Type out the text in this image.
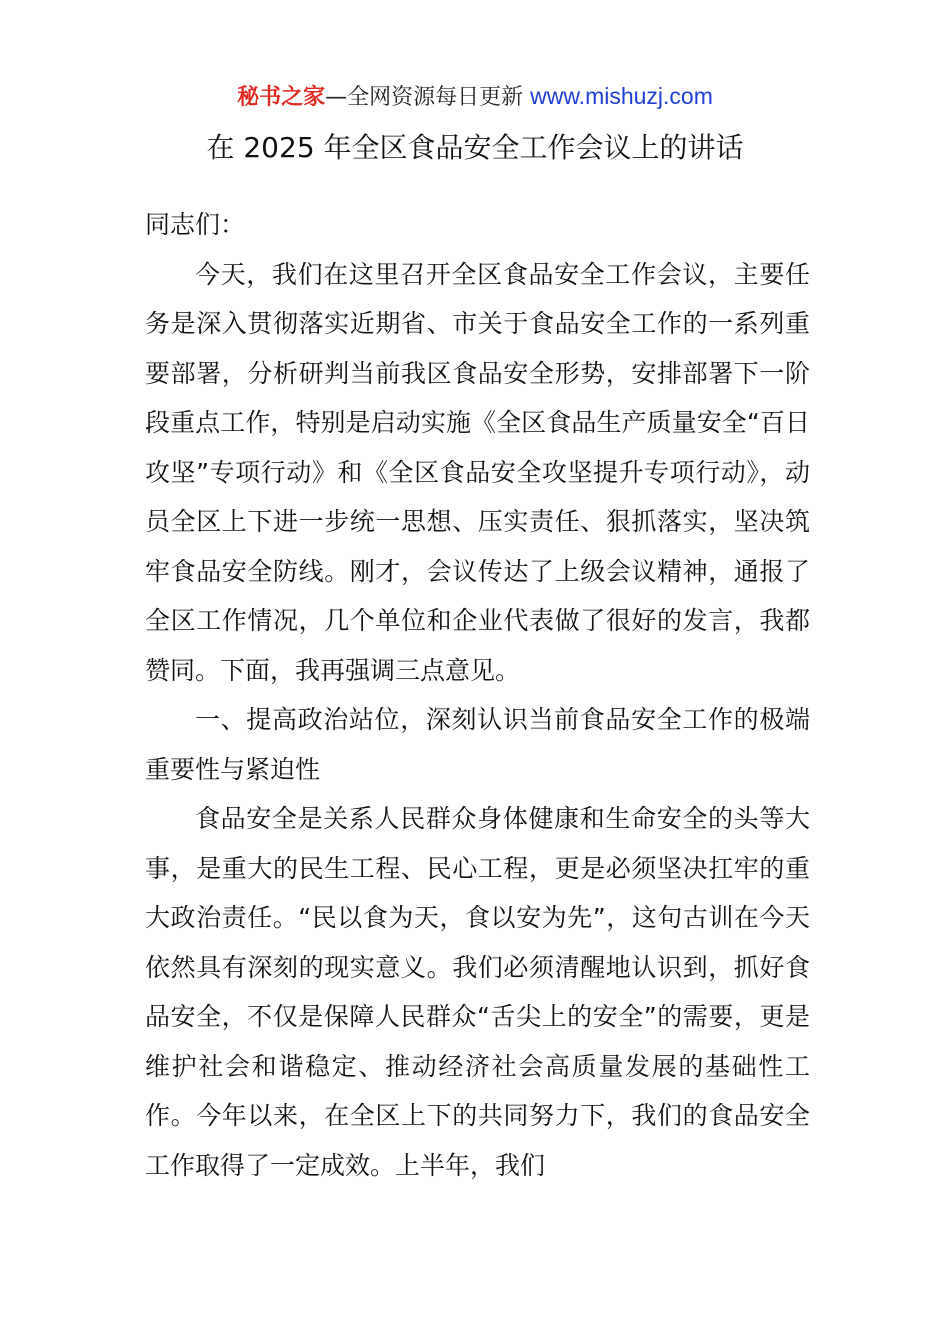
秘书之家—全网资源每日更新 www.mishuzj.com
在 2025 年全区食品安全工作会议上的讲话

同志们：

今天，我们在这里召开全区食品安全工作会议，主要任务是深入贯彻落实近期省、市关于食品安全工作的一系列重要部署，分析研判当前我区食品安全形势，安排部署下一阶段重点工作，特别是启动实施《全区食品生产质量安全“百日攻坚”专项行动》和《全区食品安全攻坚提升专项行动》，动员全区上下进一步统一思想、压实责任、狠抓落实，坚决筑牢食品安全防线。刚才，会议传达了上级会议精神，通报了全区工作情况，几个单位和企业代表做了很好的发言，我都赞同。下面，我再强调三点意见。

一、提高政治站位，深刻认识当前食品安全工作的极端重要性与紧迫性

食品安全是关系人民群众身体健康和生命安全的头等大事，是重大的民生工程、民心工程，更是必须坚决扛牢的重大政治责任。“民以食为天，食以安为先”，这句古训在今天依然具有深刻的现实意义。我们必须清醒地认识到，抓好食品安全，不仅是保障人民群众“舌尖上的安全”的需要，更是维护社会和谐稳定、推动经济社会高质量发展的基础性工作。今年以来，在全区上下的共同努力下，我们的食品安全工作取得了一定成效。上半年，我们
